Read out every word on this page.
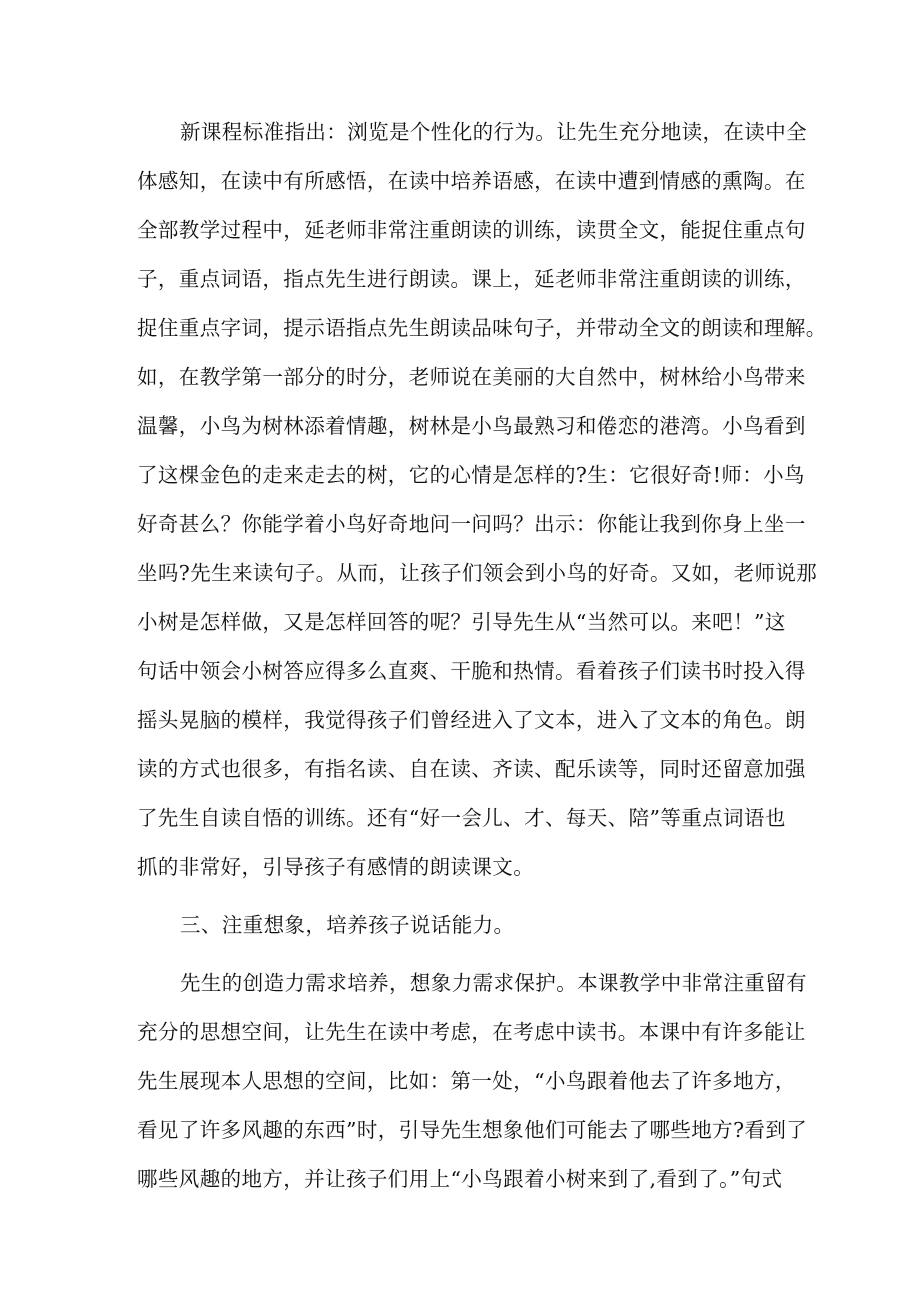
新课程标准指出：浏览是个性化的行为。让先生充分地读，在读中全
体感知，在读中有所感悟，在读中培养语感，在读中遭到情感的熏陶。在
全部教学过程中，延老师非常注重朗读的训练，读贯全文，能捉住重点句
子，重点词语，指点先生进行朗读。课上，延老师非常注重朗读的训练，
捉住重点字词，提示语指点先生朗读品味句子，并带动全文的朗读和理解。
如，在教学第一部分的时分，老师说在美丽的大自然中，树林给小鸟带来
温馨，小鸟为树林添着情趣，树林是小鸟最熟习和倦恋的港湾。小鸟看到
了这棵金色的走来走去的树，它的心情是怎样的?生：它很好奇!师：小鸟
好奇甚么？你能学着小鸟好奇地问一问吗？出示：你能让我到你身上坐一
坐吗?先生来读句子。从而，让孩子们领会到小鸟的好奇。又如，老师说那
小树是怎样做，又是怎样回答的呢？引导先生从“当然可以。来吧！”这
句话中领会小树答应得多么直爽、干脆和热情。看着孩子们读书时投入得
摇头晃脑的模样，我觉得孩子们曾经进入了文本，进入了文本的角色。朗
读的方式也很多，有指名读、自在读、齐读、配乐读等，同时还留意加强
了先生自读自悟的训练。还有“好一会儿、才、每天、陪”等重点词语也
抓的非常好，引导孩子有感情的朗读课文。
三、注重想象，培养孩子说话能力。
先生的创造力需求培养，想象力需求保护。本课教学中非常注重留有
充分的思想空间，让先生在读中考虑，在考虑中读书。本课中有许多能让
先生展现本人思想的空间，比如：第一处，“小鸟跟着他去了许多地方，
看见了许多风趣的东西”时，引导先生想象他们可能去了哪些地方?看到了
哪些风趣的地方，并让孩子们用上“小鸟跟着小树来到了,看到了。”句式
